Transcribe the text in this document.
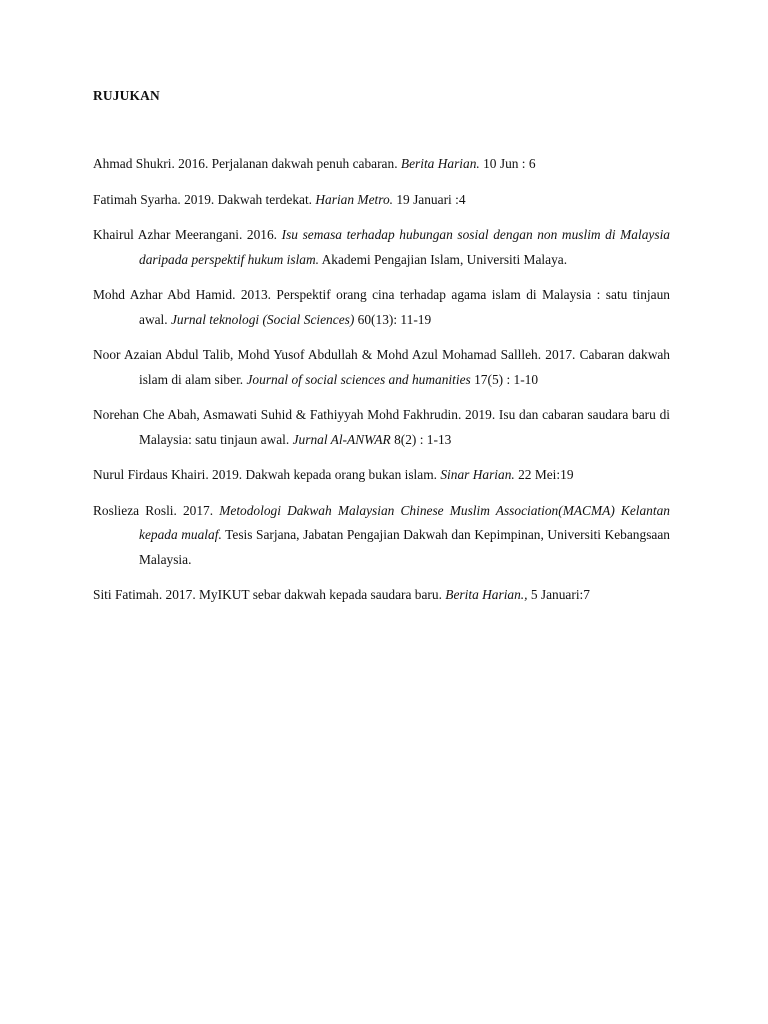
RUJUKAN

Ahmad Shukri. 2016. Perjalanan dakwah penuh cabaran. Berita Harian. 10 Jun : 6

Fatimah Syarha. 2019. Dakwah terdekat. Harian Metro. 19 Januari :4

Khairul Azhar Meerangani. 2016. Isu semasa terhadap hubungan sosial dengan non muslim di Malaysia daripada perspektif hukum islam. Akademi Pengajian Islam, Universiti Malaya.

Mohd Azhar Abd Hamid. 2013. Perspektif orang cina terhadap agama islam di Malaysia : satu tinjaun awal. Jurnal teknologi (Social Sciences) 60(13): 11-19

Noor Azaian Abdul Talib, Mohd Yusof Abdullah & Mohd Azul Mohamad Sallleh. 2017. Cabaran dakwah islam di alam siber. Journal of social sciences and humanities 17(5) : 1-10

Norehan Che Abah, Asmawati Suhid & Fathiyyah Mohd Fakhrudin. 2019. Isu dan cabaran saudara baru di Malaysia: satu tinjaun awal. Jurnal Al-ANWAR 8(2) : 1-13

Nurul Firdaus Khairi. 2019. Dakwah kepada orang bukan islam. Sinar Harian. 22 Mei:19

Roslieza Rosli. 2017. Metodologi Dakwah Malaysian Chinese Muslim Association(MACMA) Kelantan kepada mualaf. Tesis Sarjana, Jabatan Pengajian Dakwah dan Kepimpinan, Universiti Kebangsaan Malaysia.

Siti Fatimah. 2017. MyIKUT sebar dakwah kepada saudara baru. Berita Harian., 5 Januari:7
